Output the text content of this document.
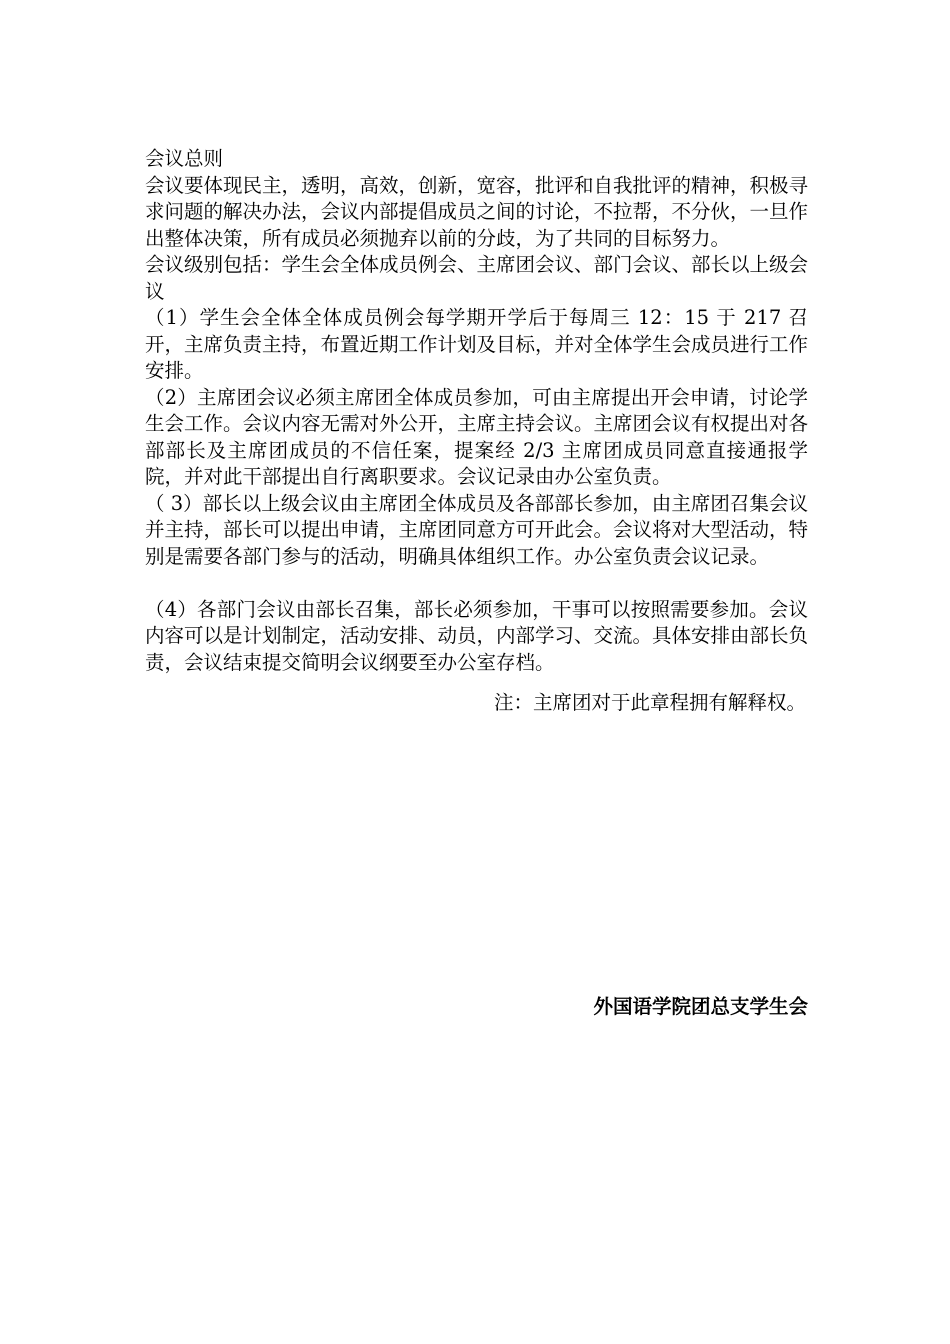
会议总则

会议要体现民主，透明，高效，创新，宽容，批评和自我批评的精神，积极寻求问题的解决办法，会议内部提倡成员之间的讨论，不拉帮，不分伙，一旦作出整体决策，所有成员必须抛弃以前的分歧，为了共同的目标努力。

会议级别包括：学生会全体成员例会、主席团会议、部门会议、部长以上级会议

（1）学生会全体全体成员例会每学期开学后于每周三 12：15 于 217 召开，主席负责主持，布置近期工作计划及目标，并对全体学生会成员进行工作安排。

（2）主席团会议必须主席团全体成员参加，可由主席提出开会申请，讨论学生会工作。会议内容无需对外公开，主席主持会议。主席团会议有权提出对各部部长及主席团成员的不信任案，提案经 2/3 主席团成员同意直接通报学院，并对此干部提出自行离职要求。会议记录由办公室负责。

（ 3）部长以上级会议由主席团全体成员及各部部长参加，由主席团召集会议并主持，部长可以提出申请，主席团同意方可开此会。会议将对大型活动，特别是需要各部门参与的活动，明确具体组织工作。办公室负责会议记录。

（4）各部门会议由部长召集，部长必须参加，干事可以按照需要参加。会议内容可以是计划制定，活动安排、动员，内部学习、交流。具体安排由部长负责，会议结束提交简明会议纲要至办公室存档。

注：主席团对于此章程拥有解释权。

外国语学院团总支学生会
